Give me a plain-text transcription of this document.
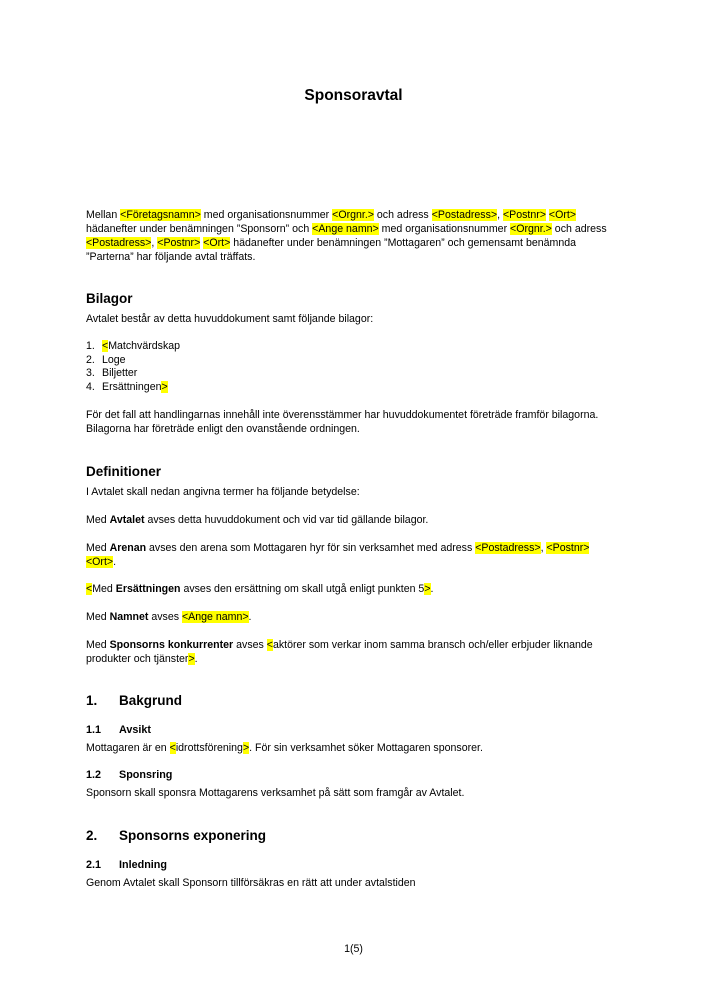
Sponsoravtal

Mellan <Företagsnamn> med organisationsnummer <Orgnr.> och adress <Postadress>, <Postnr> <Ort> hädanefter under benämningen ”Sponsorn” och <Ange namn> med organisationsnummer <Orgnr.> och adress <Postadress>, <Postnr> <Ort> hädanefter under benämningen ”Mottagaren” och gemensamt benämnda ”Parterna” har följande avtal träffats.

Bilagor

Avtalet består av detta huvuddokument samt följande bilagor:

1. <Matchvärdskap
2. Loge
3. Biljetter
4. Ersättningen>

För det fall att handlingarnas innehåll inte överensstämmer har huvuddokumentet företräde framför bilagorna. Bilagorna har företräde enligt den ovanstående ordningen.

Definitioner

I Avtalet skall nedan angivna termer ha följande betydelse:

Med Avtalet avses detta huvuddokument och vid var tid gällande bilagor.

Med Arenan avses den arena som Mottagaren hyr för sin verksamhet med adress <Postadress>, <Postnr> <Ort>.

<Med Ersättningen avses den ersättning om skall utgå enligt punkten 5>.

Med Namnet avses <Ange namn>.

Med Sponsorns konkurrenter avses <aktörer som verkar inom samma bransch och/eller erbjuder liknande produkter och tjänster>.

1. Bakgrund
1.1 Avsikt

Mottagaren är en <idrottsförening>. För sin verksamhet söker Mottagaren sponsorer.

1.2 Sponsring

Sponsorn skall sponsra Mottagarens verksamhet på sätt som framgår av Avtalet.

2. Sponsorns exponering
2.1 Inledning

Genom Avtalet skall Sponsorn tillförsäkras en rätt att under avtalstiden

1(5)
